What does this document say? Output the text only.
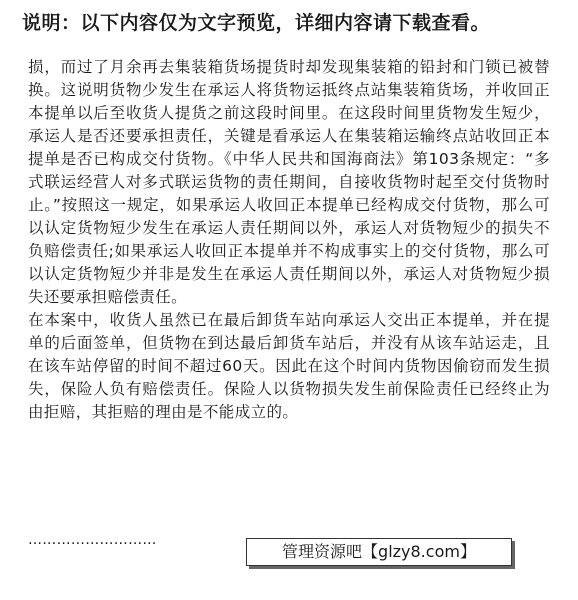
说明：以下内容仅为文字预览，详细内容请下载查看。

损，而过了月余再去集装箱货场提货时却发现集装箱的铅封和门锁已被替换。这说明货物少发生在承运人将货物运抵终点站集装箱货场，并收回正本提单以后至收货人提货之前这段时间里。在这段时间里货物发生短少，承运人是否还要承担责任，关键是看承运人在集装箱运输终点站收回正本提单是否已构成交付货物。《中华人民共和国海商法》第103条规定：“多式联运经营人对多式联运货物的责任期间，自接收货物时起至交付货物时止。”按照这一规定，如果承运人收回正本提单已经构成交付货物，那么可以认定货物短少发生在承运人责任期间以外，承运人对货物短少的损失不负赔偿责任;如果承运人收回正本提单并不构成事实上的交付货物，那么可以认定货物短少并非是发生在承运人责任期间以外，承运人对货物短少损失还要承担赔偿责任。

在本案中，收货人虽然已在最后卸货车站向承运人交出正本提单，并在提单的后面签单，但货物在到达最后卸货车站后，并没有从该车站运走，且在该车站停留的时间不超过60天。因此在这个时间内货物因偷窃而发生损失，保险人负有赔偿责任。保险人以货物损失发生前保险责任已经终止为由拒赔，其拒赔的理由是不能成立的。

………………………
管理资源吧【glzy8.com】
